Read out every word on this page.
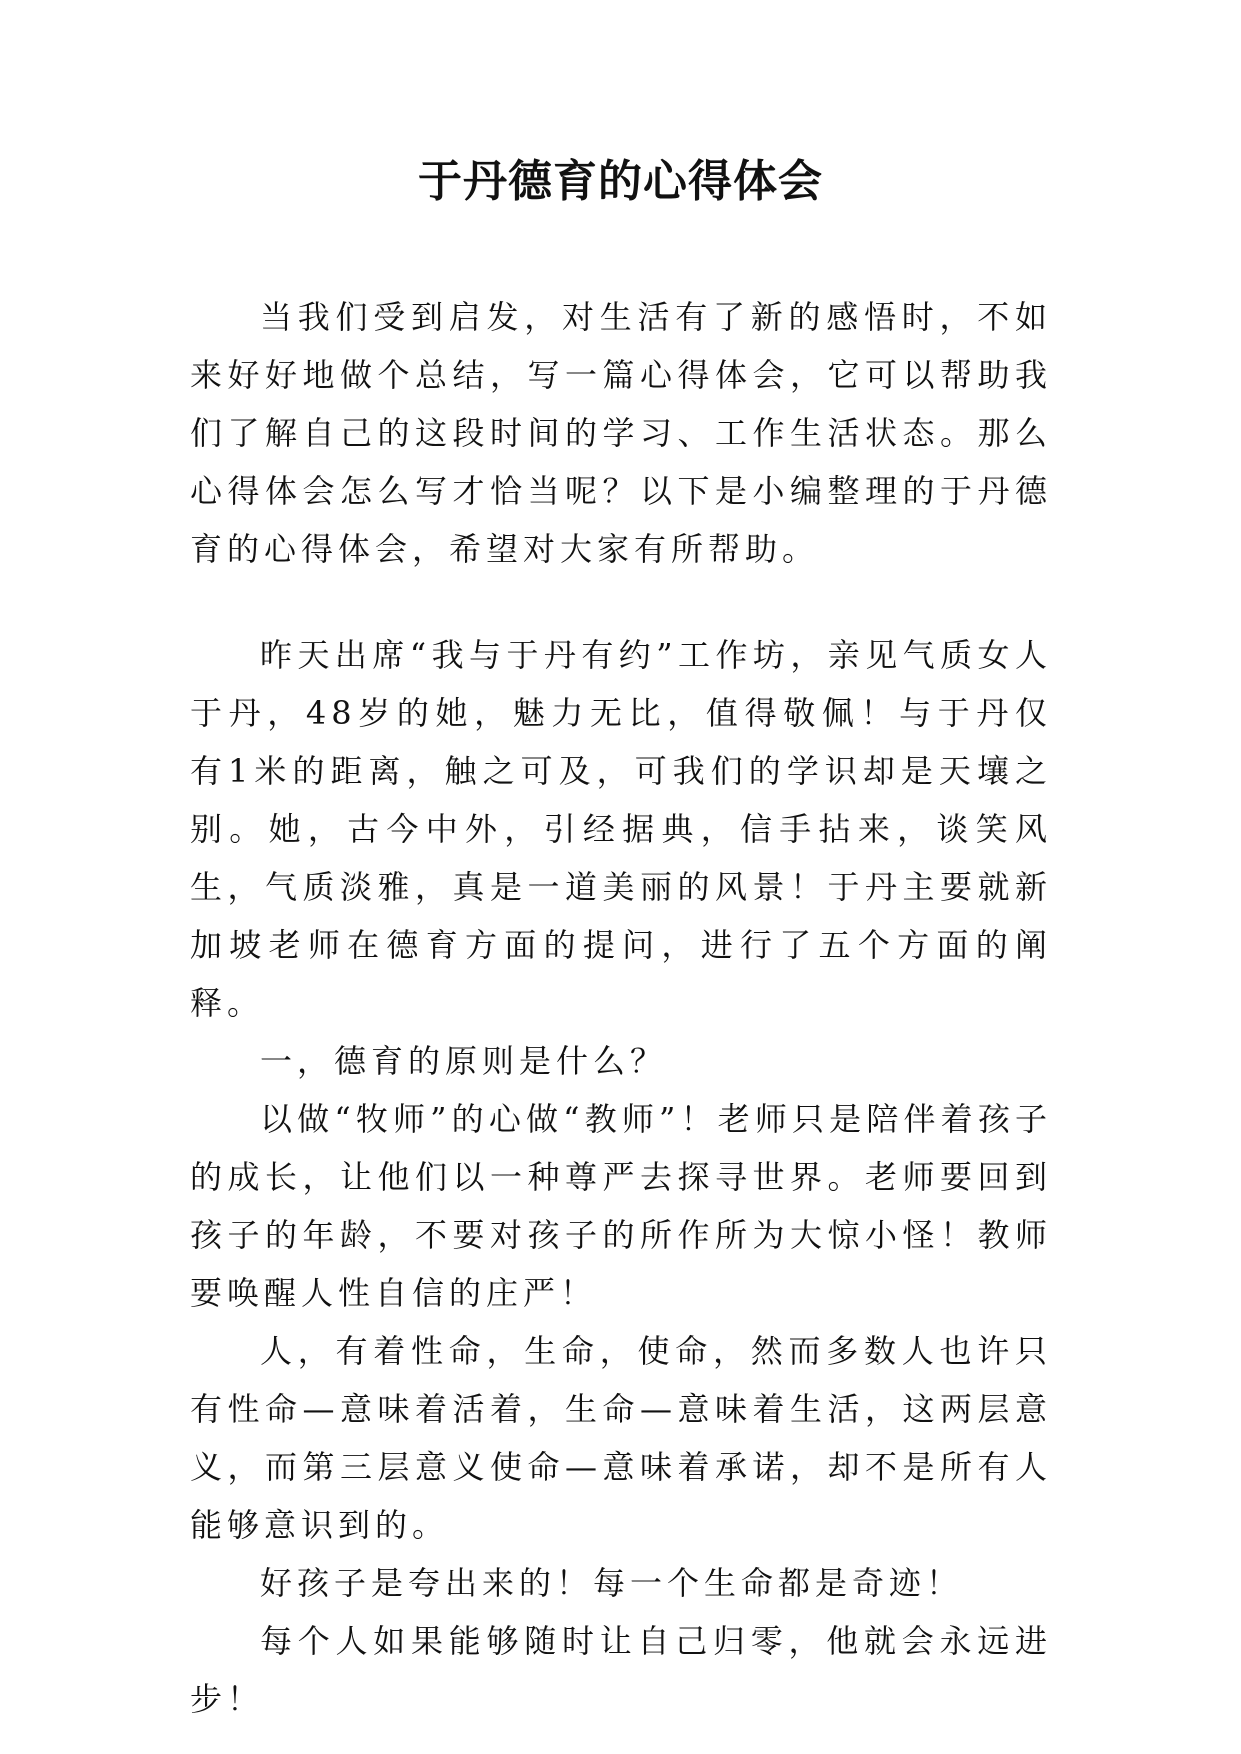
于丹德育的心得体会

当我们受到启发，对生活有了新的感悟时，不如来好好地做个总结，写一篇心得体会，它可以帮助我们了解自己的这段时间的学习、工作生活状态。那么心得体会怎么写才恰当呢？以下是小编整理的于丹德育的心得体会，希望对大家有所帮助。

昨天出席“我与于丹有约”工作坊，亲见气质女人于丹，48岁的她，魅力无比，值得敬佩！与于丹仅有1米的距离，触之可及，可我们的学识却是天壤之别。她，古今中外，引经据典，信手拈来，谈笑风生，气质淡雅，真是一道美丽的风景！于丹主要就新加坡老师在德育方面的提问，进行了五个方面的阐释。

一，德育的原则是什么？

以做“牧师”的心做“教师”！老师只是陪伴着孩子的成长，让他们以一种尊严去探寻世界。老师要回到孩子的年龄，不要对孩子的所作所为大惊小怪！教师要唤醒人性自信的庄严！

人，有着性命，生命，使命，然而多数人也许只有性命—意味着活着，生命—意味着生活，这两层意义，而第三层意义使命—意味着承诺，却不是所有人能够意识到的。

好孩子是夸出来的！每一个生命都是奇迹！

每个人如果能够随时让自己归零，他就会永远进步！
